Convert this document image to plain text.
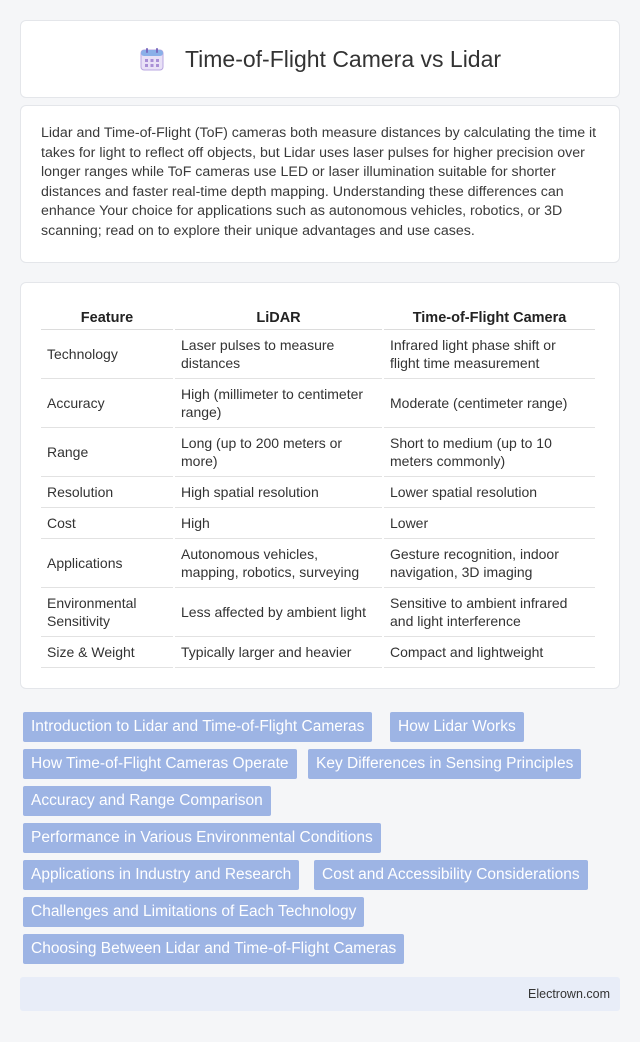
Time-of-Flight Camera vs Lidar

Lidar and Time-of-Flight (ToF) cameras both measure distances by calculating the time it takes for light to reflect off objects, but Lidar uses laser pulses for higher precision over longer ranges while ToF cameras use LED or laser illumination suitable for shorter distances and faster real-time depth mapping. Understanding these differences can enhance Your choice for applications such as autonomous vehicles, robotics, or 3D scanning; read on to explore their unique advantages and use cases.

Feature	LiDAR	Time-of-Flight Camera
Technology	Laser pulses to measure distances	Infrared light phase shift or flight time measurement
Accuracy	High (millimeter to centimeter range)	Moderate (centimeter range)
Range	Long (up to 200 meters or more)	Short to medium (up to 10 meters commonly)
Resolution	High spatial resolution	Lower spatial resolution
Cost	High	Lower
Applications	Autonomous vehicles, mapping, robotics, surveying	Gesture recognition, indoor navigation, 3D imaging
Environmental Sensitivity	Less affected by ambient light	Sensitive to ambient infrared and light interference
Size & Weight	Typically larger and heavier	Compact and lightweight
Introduction to Lidar and Time-of-Flight Cameras	How Lidar Works
How Time-of-Flight Cameras Operate	Key Differences in Sensing Principles
Accuracy and Range Comparison
Performance in Various Environmental Conditions
Applications in Industry and Research	Cost and Accessibility Considerations
Challenges and Limitations of Each Technology
Choosing Between Lidar and Time-of-Flight Cameras
Electrown.com
